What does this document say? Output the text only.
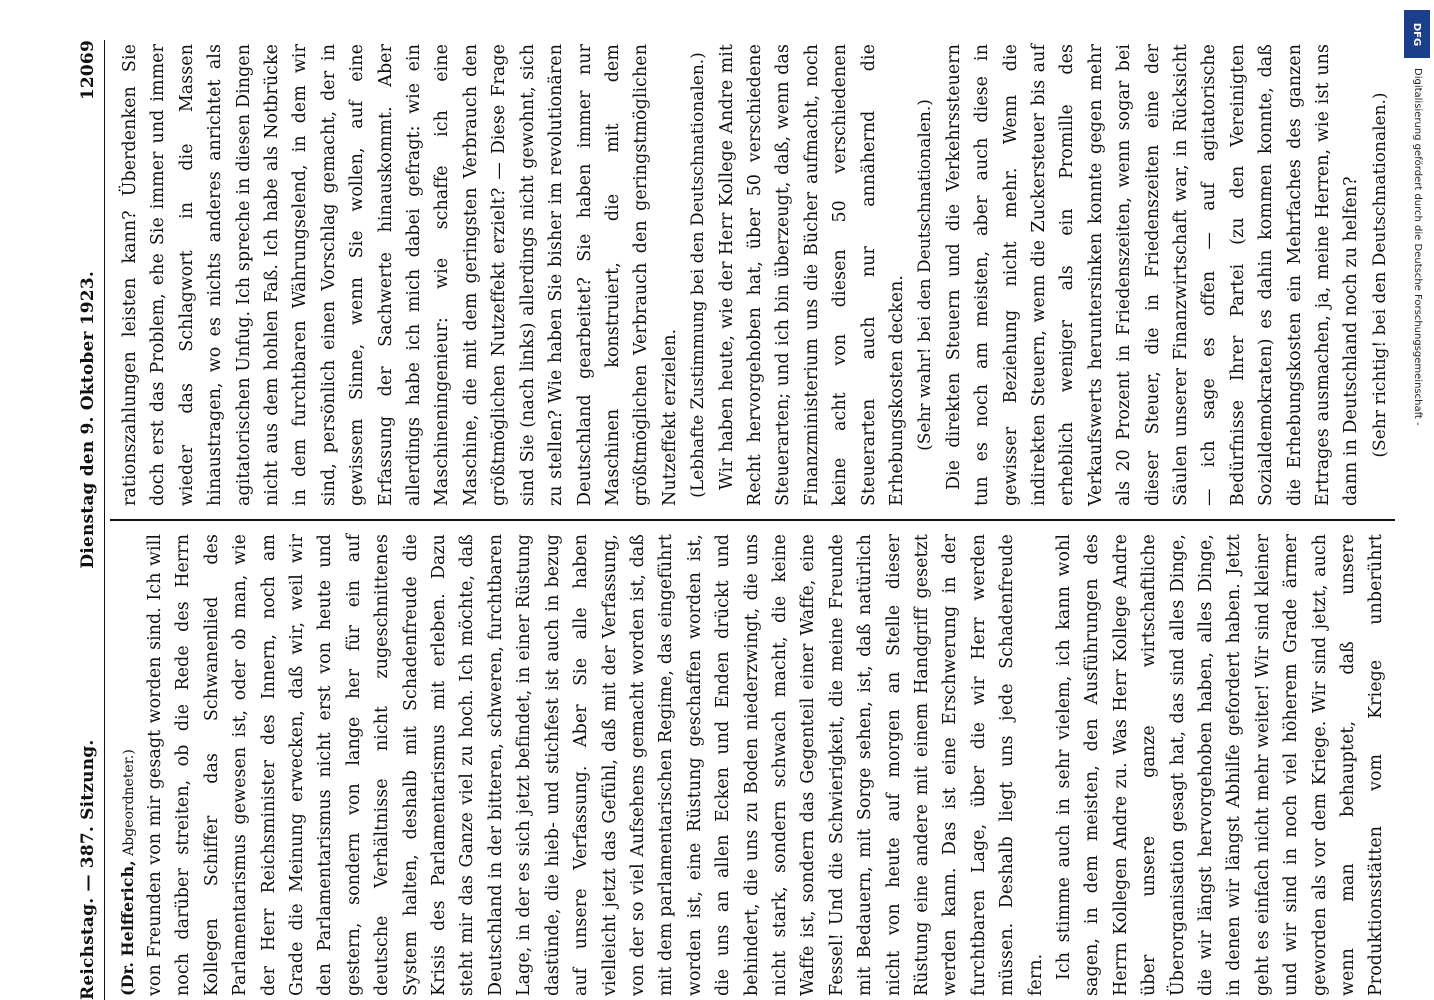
Reichstag. — 387. Sitzung.
Dienstag den 9. Oktober 1923.
12069

(Dr. Helfferich, Abgeordneter.) von Freunden von mir gesagt worden sind. Ich will noch darüber streiten, ob die Rede des Herrn Kollegen Schiffer das Schwanenlied des Parlamentarismus gewesen ist, oder ob man, wie der Herr Reichsminister des Innern, noch am Grade die Meinung erwecken, daß wir, weil wir den Parlamentarismus nicht erst von heute und gestern, sondern von lange her für ein auf deutsche Verhältnisse nicht zugeschnittenes System halten, deshalb mit Schadenfreude die Krisis des Parlamentarismus mit erleben. Dazu steht mir das Ganze viel zu hoch. Ich möchte, daß Deutschland in der bitteren, schweren, furchtbaren Lage, in der es sich jetzt befindet, in einer Rüstung dastünde, die hieb- und stichfest ist auch in bezug auf unsere Verfassung. Aber Sie alle haben vielleicht jetzt das Gefühl, daß mit der Verfassung, von der so viel Aufsehens gemacht worden ist, daß mit dem parlamentarischen Regime, das eingeführt worden ist, eine Rüstung geschaffen worden ist, die uns an allen Ecken und Enden drückt und behindert, die uns zu Boden niederzwingt, die uns nicht stark, sondern schwach macht, die keine Waffe ist, sondern das Gegenteil einer Waffe, eine Fessel! Und die Schwierigkeit, die meine Freunde mit Bedauern, mit Sorge sehen, ist, daß natürlich nicht von heute auf morgen an Stelle dieser Rüstung eine andere mit einem Handgriff gesetzt werden kann. Das ist eine Erschwerung in der furchtbaren Lage, über die wir Herr werden müssen. Deshalb liegt uns jede Schadenfreude fern. Ich stimme auch in sehr vielem, ich kann wohl sagen, in dem meisten, den Ausführungen des Herrn Kollegen Andre zu. Was Herr Kollege Andre über unsere ganze wirtschaftliche Überorganisation gesagt hat, das sind alles Dinge, die wir längst hervorgehoben haben, alles Dinge, in denen wir längst Abhilfe gefordert haben. Jetzt geht es einfach nicht mehr weiter! Wir sind kleiner und wir sind in noch viel höherem Grade ärmer geworden als vor dem Kriege. Wir sind jetzt, auch wenn man behauptet, daß unsere Produktionsstätten vom Kriege unberührt

rationszahlungen leisten kann? Überdenken Sie doch erst das Problem, ehe Sie immer und immer wieder das Schlagwort in die Massen hinaustragen, wo es nichts anderes anrichtet als agitatorischen Unfug. Ich spreche in diesen Dingen nicht aus dem hohlen Faß. Ich habe als Notbrücke in dem furchtbaren Währungselend, in dem wir sind, persönlich einen Vorschlag gemacht, der in gewissem Sinne, wenn Sie wollen, auf eine Erfassung der Sachwerte hinauskommt. Aber allerdings habe ich mich dabei gefragt: wie ein Maschineningenieur: wie schaffe ich eine Maschine, die mit dem geringsten Verbrauch den größtmöglichen Nutzeffekt erzielt? — Diese Frage sind Sie (nach links) allerdings nicht gewohnt, sich zu stellen? Wie haben Sie bisher im revolutionären Deutschland gearbeitet? Sie haben immer nur Maschinen konstruiert, die mit dem größtmöglichen Verbrauch den geringstmöglichen Nutzeffekt erzielen. (Lebhafte Zustimmung bei den Deutschnationalen.) Wir haben heute, wie der Herr Kollege Andre mit Recht hervorgehoben hat, über 50 verschiedene Steuerarten; und ich bin überzeugt, daß, wenn das Finanzministerium uns die Bücher aufmacht, noch keine acht von diesen 50 verschiedenen Steuerarten auch nur annähernd die Erhebungskosten decken. (Sehr wahr! bei den Deutschnationalen.) Die direkten Steuern und die Verkehrssteuern tun es noch am meisten, aber auch diese in gewisser Beziehung nicht mehr. Wenn die indirekten Steuern, wenn die Zuckersteuer bis auf erheblich weniger als ein Promille des Verkaufswerts heruntersinken konnte gegen mehr als 20 Prozent in Friedenszeiten, wenn sogar bei dieser Steuer, die in Friedenszeiten eine der Säulen unserer Finanzwirtschaft war, in Rücksicht — ich sage es offen — auf agitatorische Bedürfnisse Ihrer Partei (zu den Vereinigten Sozialdemokraten) es dahin kommen konnte, daß die Erhebungskosten ein Mehrfaches des ganzen Ertrages ausmachen, ja, meine Herren, wie ist uns dann in Deutschland noch zu helfen? (Sehr richtig! bei den Deutschnationalen.)

DFG
Digitalisierung gefördert durch die Deutsche Forschungsgemeinschaft -
